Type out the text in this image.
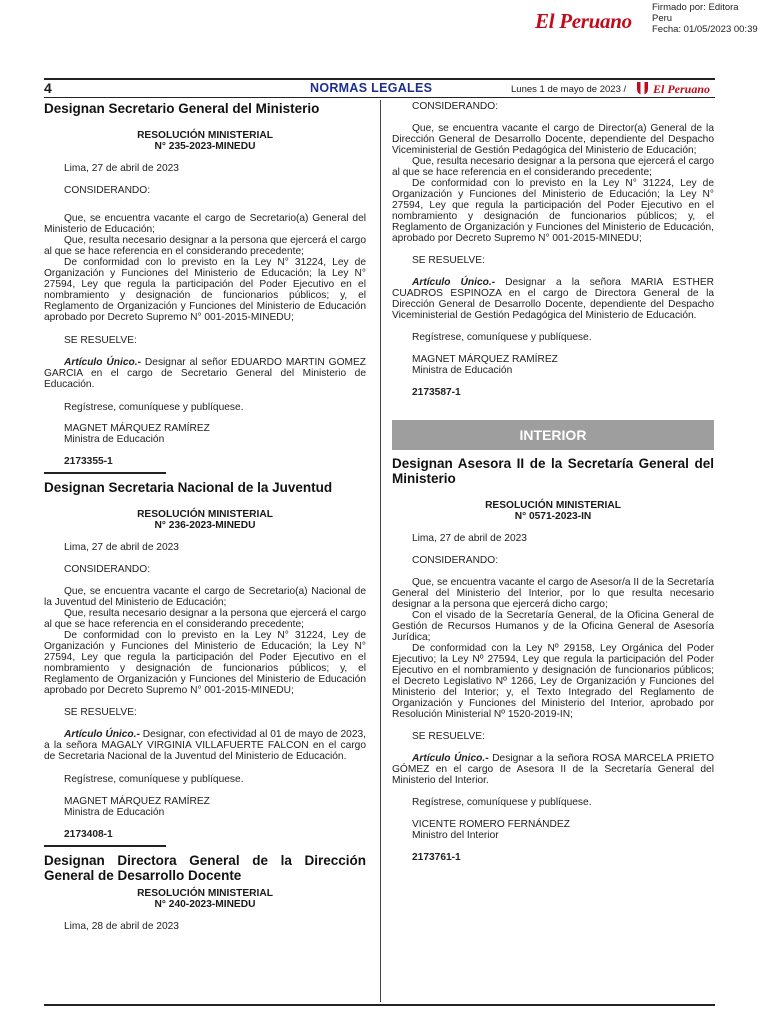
El Peruano

Firmado por: Editora
Peru
Fecha: 01/05/2023 00:39
4	NORMAS LEGALES	Lunes 1 de mayo de 2023 / El Peruano
Designan Secretario General del Ministerio
RESOLUCIÓN MINISTERIAL
N° 235-2023-MINEDU

Lima, 27 de abril de 2023

CONSIDERANDO:

Que, se encuentra vacante el cargo de Secretario(a) General del Ministerio de Educación;

Que, resulta necesario designar a la persona que ejercerá el cargo al que se hace referencia en el considerando precedente;

De conformidad con lo previsto en la Ley N° 31224, Ley de Organización y Funciones del Ministerio de Educación; la Ley N° 27594, Ley que regula la participación del Poder Ejecutivo en el nombramiento y designación de funcionarios públicos; y, el Reglamento de Organización y Funciones del Ministerio de Educación aprobado por Decreto Supremo N° 001-2015-MINEDU;

SE RESUELVE:

Artículo Único.- Designar al señor EDUARDO MARTIN GOMEZ GARCIA en el cargo de Secretario General del Ministerio de Educación.

Regístrese, comuníquese y publíquese.

MAGNET MÁRQUEZ RAMÍREZ

Ministra de Educación

2173355-1

Designan Secretaria Nacional de la Juventud
RESOLUCIÓN MINISTERIAL
N° 236-2023-MINEDU

Lima, 27 de abril de 2023

CONSIDERANDO:

Que, se encuentra vacante el cargo de Secretario(a) Nacional de la Juventud del Ministerio de Educación;

Que, resulta necesario designar a la persona que ejercerá el cargo al que se hace referencia en el considerando precedente;

De conformidad con lo previsto en la Ley N° 31224, Ley de Organización y Funciones del Ministerio de Educación; la Ley N° 27594, Ley que regula la participación del Poder Ejecutivo en el nombramiento y designación de funcionarios públicos; y, el Reglamento de Organización y Funciones del Ministerio de Educación aprobado por Decreto Supremo N° 001-2015-MINEDU;

SE RESUELVE:

Artículo Único.- Designar, con efectividad al 01 de mayo de 2023, a la señora MAGALY VIRGINIA VILLAFUERTE FALCON en el cargo de Secretaria Nacional de la Juventud del Ministerio de Educación.

Regístrese, comuníquese y publíquese.

MAGNET MÁRQUEZ RAMÍREZ

Ministra de Educación

2173408-1

Designan Directora General de la Dirección General de Desarrollo Docente
RESOLUCIÓN MINISTERIAL
N° 240-2023-MINEDU

Lima, 28 de abril de 2023

CONSIDERANDO:

Que, se encuentra vacante el cargo de Director(a) General de la Dirección General de Desarrollo Docente, dependiente del Despacho Viceministerial de Gestión Pedagógica del Ministerio de Educación;

Que, resulta necesario designar a la persona que ejercerá el cargo al que se hace referencia en el considerando precedente;

De conformidad con lo previsto en la Ley N° 31224, Ley de Organización y Funciones del Ministerio de Educación; la Ley N° 27594, Ley que regula la participación del Poder Ejecutivo en el nombramiento y designación de funcionarios públicos; y, el Reglamento de Organización y Funciones del Ministerio de Educación, aprobado por Decreto Supremo N° 001-2015-MINEDU;

SE RESUELVE:

Artículo Único.- Designar a la señora MARIA ESTHER CUADROS ESPINOZA en el cargo de Directora General de la Dirección General de Desarrollo Docente, dependiente del Despacho Viceministerial de Gestión Pedagógica del Ministerio de Educación.

Regístrese, comuníquese y publíquese.

MAGNET MÁRQUEZ RAMÍREZ

Ministra de Educación

2173587-1

INTERIOR
Designan Asesora II de la Secretaría General del Ministerio
RESOLUCIÓN MINISTERIAL
N° 0571-2023-IN

Lima, 27 de abril de 2023

CONSIDERANDO:

Que, se encuentra vacante el cargo de Asesor/a II de la Secretaría General del Ministerio del Interior, por lo que resulta necesario designar a la persona que ejercerá dicho cargo;

Con el visado de la Secretaría General, de la Oficina General de Gestión de Recursos Humanos y de la Oficina General de Asesoría Jurídica;

De conformidad con la Ley Nº 29158, Ley Orgánica del Poder Ejecutivo; la Ley Nº 27594, Ley que regula la participación del Poder Ejecutivo en el nombramiento y designación de funcionarios públicos; el Decreto Legislativo Nº 1266, Ley de Organización y Funciones del Ministerio del Interior; y, el Texto Integrado del Reglamento de Organización y Funciones del Ministerio del Interior, aprobado por Resolución Ministerial Nº 1520-2019-IN;

SE RESUELVE:

Artículo Único.- Designar a la señora ROSA MARCELA PRIETO GÓMEZ en el cargo de Asesora II de la Secretaría General del Ministerio del Interior.

Regístrese, comuníquese y publíquese.

VICENTE ROMERO FERNÁNDEZ

Ministro del Interior

2173761-1
